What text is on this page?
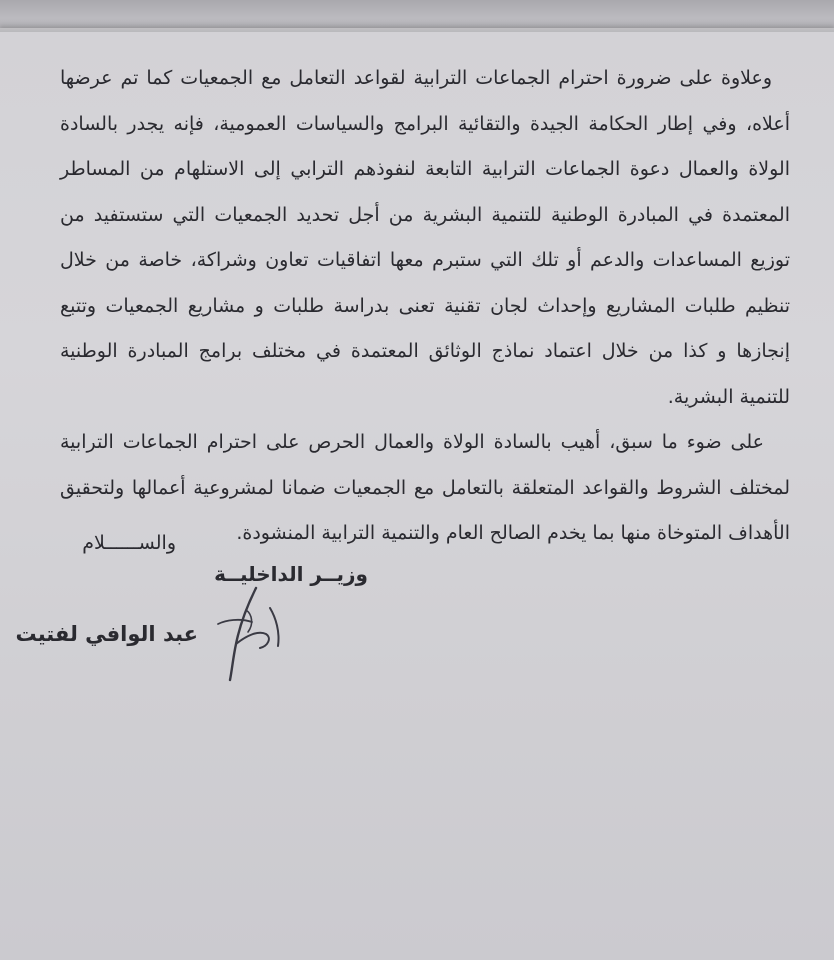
وعلاوة على ضرورة احترام الجماعات الترابية لقواعد التعامل مع الجمعيات كما تم عرضها أعلاه، وفي إطار الحكامة الجيدة والتقائية البرامج والسياسات العمومية، فإنه يجدر بالسادة الولاة والعمال دعوة الجماعات الترابية التابعة لنفوذهم الترابي إلى الاستلهام من المساطر المعتمدة في المبادرة الوطنية للتنمية البشرية من أجل تحديد الجمعيات التي ستستفيد من توزيع المساعدات والدعم أو تلك التي ستبرم معها اتفاقيات تعاون وشراكة، خاصة من خلال تنظيم طلبات المشاريع وإحداث لجان تقنية تعنى بدراسة طلبات و مشاريع الجمعيات وتتبع إنجازها و كذا من خلال اعتماد نماذج الوثائق المعتمدة في مختلف برامج المبادرة الوطنية للتنمية البشرية.

على ضوء ما سبق، أهيب بالسادة الولاة والعمال الحرص على احترام الجماعات الترابية لمختلف الشروط والقواعد المتعلقة بالتعامل مع الجمعيات ضمانا لمشروعية أعمالها ولتحقيق الأهداف المتوخاة منها بما يخدم الصالح العام والتنمية الترابية المنشودة.

والســــــلام
وزيــر الداخليــة
عبد الوافي لفتيت
